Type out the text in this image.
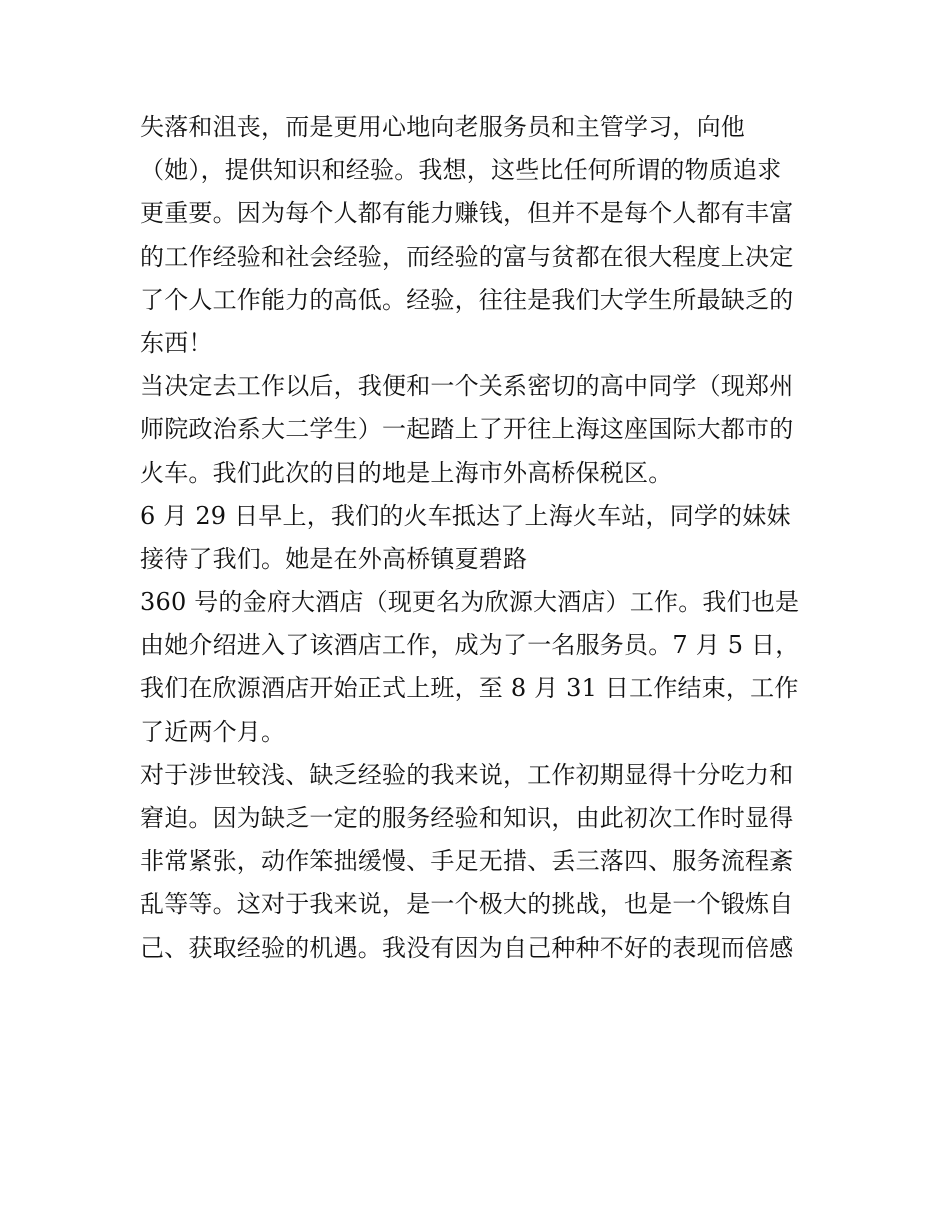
失落和沮丧，而是更用心地向老服务员和主管学习，向他
（她），提供知识和经验。我想，这些比任何所谓的物质追求
更重要。因为每个人都有能力赚钱，但并不是每个人都有丰富
的工作经验和社会经验，而经验的富与贫都在很大程度上决定
了个人工作能力的高低。经验，往往是我们大学生所最缺乏的
东西！
当决定去工作以后，我便和一个关系密切的高中同学（现郑州
师院政治系大二学生）一起踏上了开往上海这座国际大都市的
火车。我们此次的目的地是上海市外高桥保税区。
6 月 29 日早上，我们的火车抵达了上海火车站，同学的妹妹
接待了我们。她是在外高桥镇夏碧路
360 号的金府大酒店（现更名为欣源大酒店）工作。我们也是
由她介绍进入了该酒店工作，成为了一名服务员。7 月 5 日，
我们在欣源酒店开始正式上班，至 8 月 31 日工作结束，工作
了近两个月。
对于涉世较浅、缺乏经验的我来说，工作初期显得十分吃力和
窘迫。因为缺乏一定的服务经验和知识，由此初次工作时显得
非常紧张，动作笨拙缓慢、手足无措、丢三落四、服务流程紊
乱等等。这对于我来说，是一个极大的挑战，也是一个锻炼自
己、获取经验的机遇。我没有因为自己种种不好的表现而倍感
